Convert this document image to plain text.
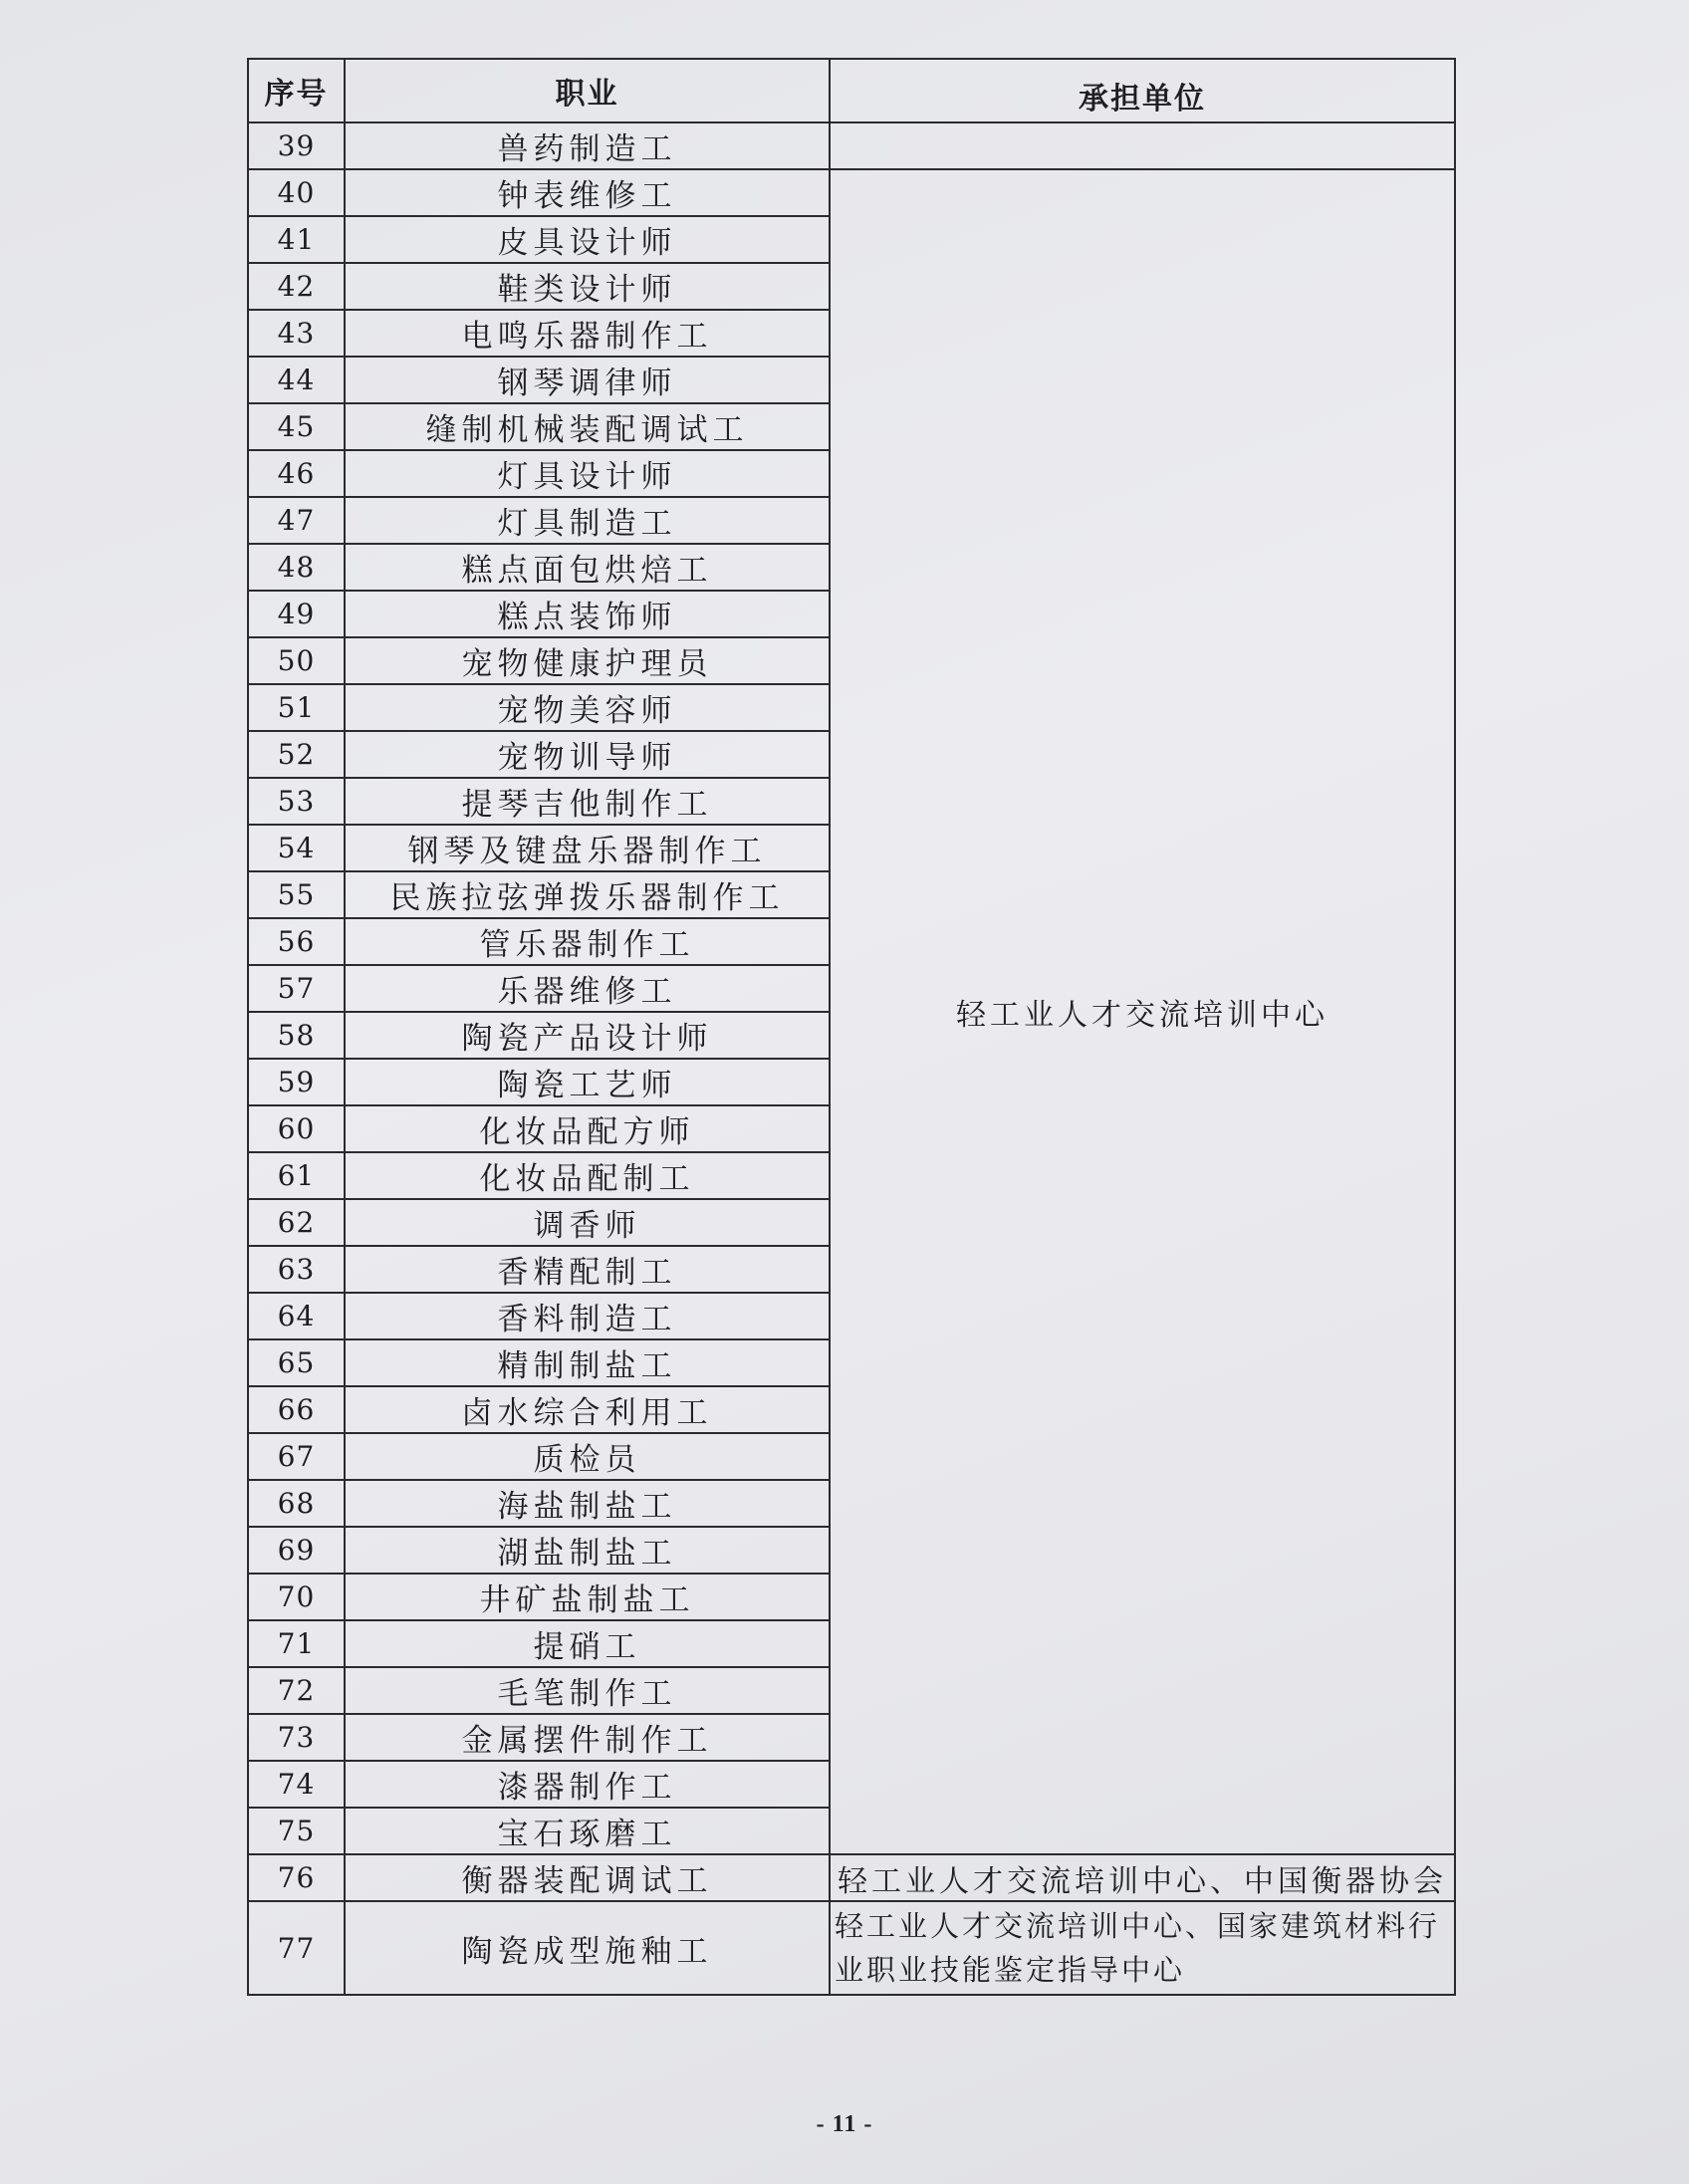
序号	职业	承担单位
39	兽药制造工	
40	钟表维修工	轻工业人才交流培训中心
41	皮具设计师	
42	鞋类设计师	
43	电鸣乐器制作工	
44	钢琴调律师	
45	缝制机械装配调试工	
46	灯具设计师	
47	灯具制造工	
48	糕点面包烘焙工	
49	糕点装饰师	
50	宠物健康护理员	
51	宠物美容师	
52	宠物训导师	
53	提琴吉他制作工	
54	钢琴及键盘乐器制作工	
55	民族拉弦弹拨乐器制作工	
56	管乐器制作工	
57	乐器维修工	
58	陶瓷产品设计师	
59	陶瓷工艺师	
60	化妆品配方师	
61	化妆品配制工	
62	调香师	
63	香精配制工	
64	香料制造工	
65	精制制盐工	
66	卤水综合利用工	
67	质检员	
68	海盐制盐工	
69	湖盐制盐工	
70	井矿盐制盐工	
71	提硝工	
72	毛笔制作工	
73	金属摆件制作工	
74	漆器制作工	
75	宝石琢磨工	
76	衡器装配调试工	轻工业人才交流培训中心、中国衡器协会
77	陶瓷成型施釉工	轻工业人才交流培训中心、国家建筑材料行业职业技能鉴定指导中心
- 11 -
